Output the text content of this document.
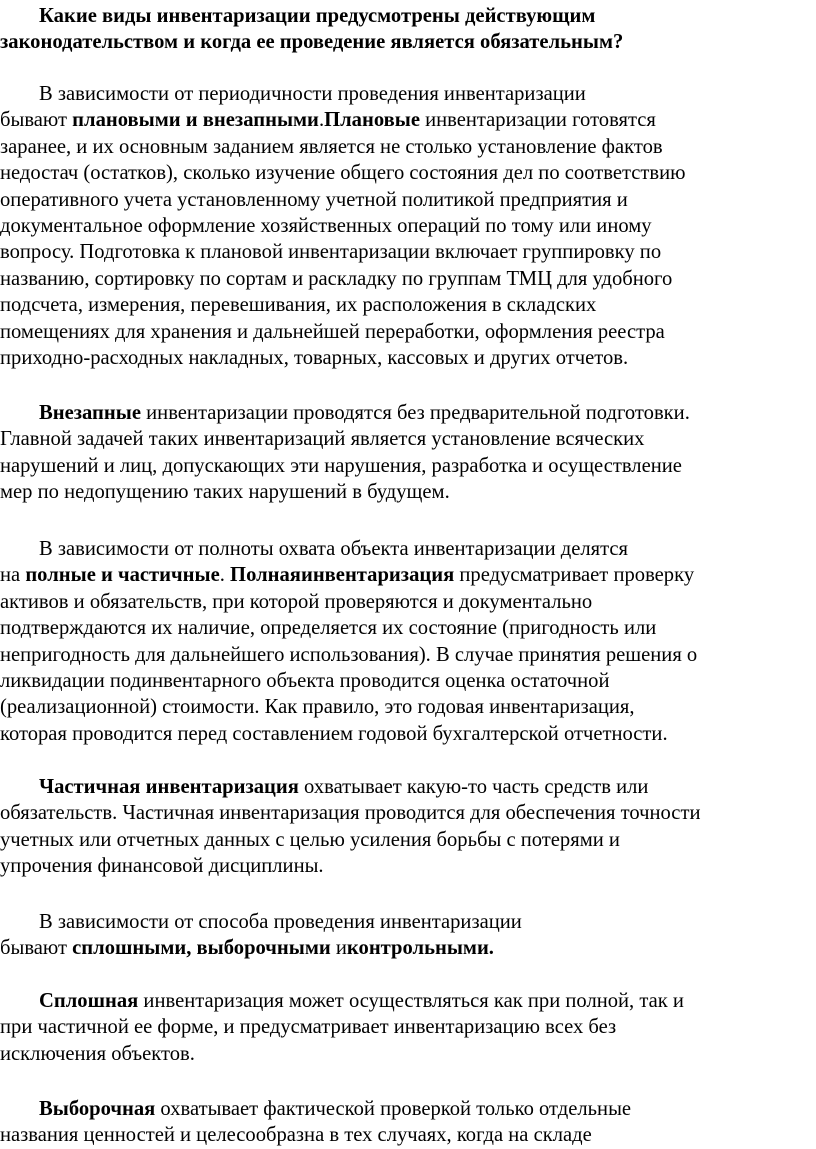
Какие виды инвентаризации предусмотрены действующим
законодательством и когда ее проведение является обязательным?
В зависимости от периодичности проведения инвентаризации
бывают плановыми и внезапными.Плановые инвентаризации готовятся
заранее, и их основным заданием является не столько установление фактов
недостач (остатков), сколько изучение общего состояния дел по соответствию
оперативного учета установленному учетной политикой предприятия и
документальное оформление хозяйственных операций по тому или иному
вопросу. Подготовка к плановой инвентаризации включает группировку по
названию, сортировку по сортам и раскладку по группам ТМЦ для удобного
подсчета, измерения, перевешивания, их расположения в складских
помещениях для хранения и дальнейшей переработки, оформления реестра
приходно-расходных накладных, товарных, кассовых и других отчетов.
Внезапные инвентаризации проводятся без предварительной подготовки.
Главной задачей таких инвентаризаций является установление всяческих
нарушений и лиц, допускающих эти нарушения, разработка и осуществление
мер по недопущению таких нарушений в будущем.
В зависимости от полноты охвата объекта инвентаризации делятся
на полные и частичные. Полнаяинвентаризация предусматривает проверку
активов и обязательств, при которой проверяются и документально
подтверждаются их наличие, определяется их состояние (пригодность или
непригодность для дальнейшего использования). В случае принятия решения о
ликвидации подинвентарного объекта проводится оценка остаточной
(реализационной) стоимости. Как правило, это годовая инвентаризация,
которая проводится перед составлением годовой бухгалтерской отчетности.
Частичная инвентаризация охватывает какую-то часть средств или
обязательств. Частичная инвентаризация проводится для обеспечения точности
учетных или отчетных данных с целью усиления борьбы с потерями и
упрочения финансовой дисциплины.
В зависимости от способа проведения инвентаризации
бывают сплошными, выборочными иконтрольными.
Сплошная инвентаризация может осуществляться как при полной, так и
при частичной ее форме, и предусматривает инвентаризацию всех без
исключения объектов.
Выборочная охватывает фактической проверкой только отдельные
названия ценностей и целесообразна в тех случаях, когда на складе
